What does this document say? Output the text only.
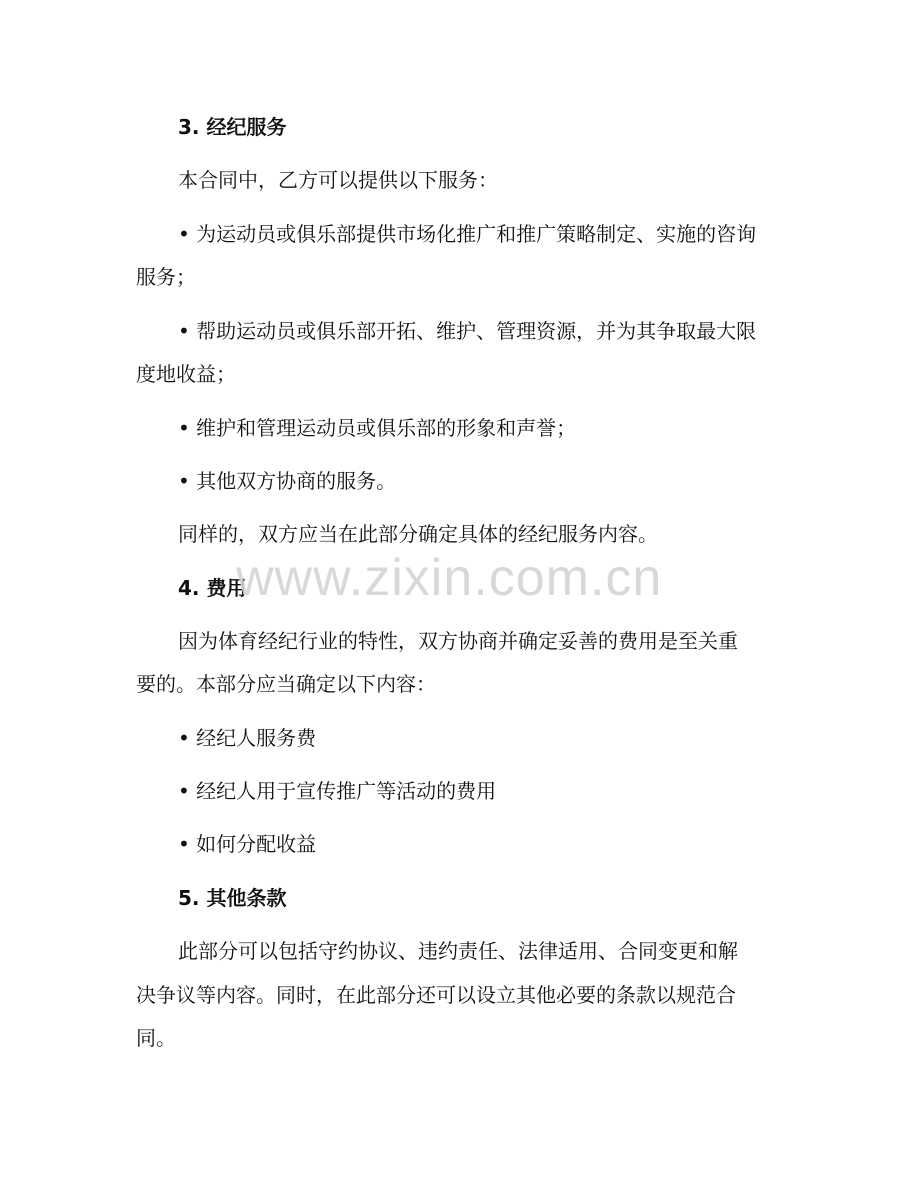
3. 经纪服务
本合同中，乙方可以提供以下服务：
• 为运动员或俱乐部提供市场化推广和推广策略制定、实施的咨询
服务；
• 帮助运动员或俱乐部开拓、维护、管理资源，并为其争取最大限
度地收益；
• 维护和管理运动员或俱乐部的形象和声誉；
• 其他双方协商的服务。
同样的，双方应当在此部分确定具体的经纪服务内容。
4. 费用
因为体育经纪行业的特性，双方协商并确定妥善的费用是至关重
要的。本部分应当确定以下内容：
• 经纪人服务费
• 经纪人用于宣传推广等活动的费用
• 如何分配收益
5. 其他条款
此部分可以包括守约协议、违约责任、法律适用、合同变更和解
决争议等内容。同时，在此部分还可以设立其他必要的条款以规范合
同。
www.zixin.com.cn
